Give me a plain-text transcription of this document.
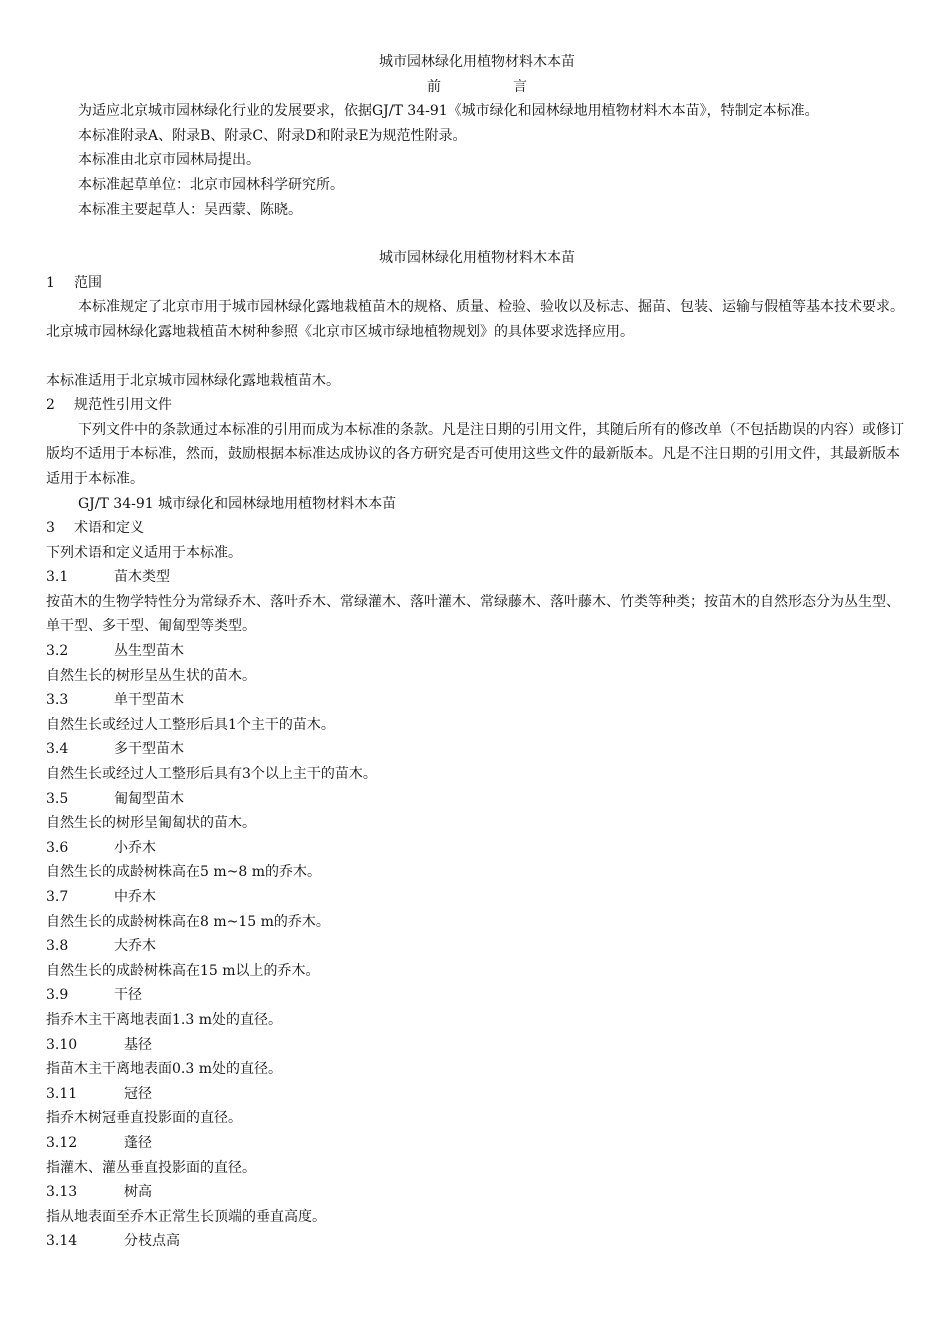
城市园林绿化用植物材料木本苗

前	言

为适应北京城市园林绿化行业的发展要求，依据GJ/T 34-91《城市绿化和园林绿地用植物材料木本苗》，特制定本标准。

本标准附录A、附录B、附录C、附录D和附录E为规范性附录。

本标准由北京市园林局提出。

本标准起草单位：北京市园林科学研究所。

本标准主要起草人：吴西蒙、陈晓。

城市园林绿化用植物材料木本苗

1 范围

本标准规定了北京市用于城市园林绿化露地栽植苗木的规格、质量、检验、验收以及标志、掘苗、包装、运输与假植等基本技术要求。北京城市园林绿化露地栽植苗木树种参照《北京市区城市绿地植物规划》的具体要求选择应用。

本标准适用于北京城市园林绿化露地栽植苗木。

2 规范性引用文件

下列文件中的条款通过本标准的引用而成为本标准的条款。凡是注日期的引用文件，其随后所有的修改单（不包括勘误的内容）或修订版均不适用于本标准，然而，鼓励根据本标准达成协议的各方研究是否可使用这些文件的最新版本。凡是不注日期的引用文件，其最新版本适用于本标准。

GJ/T 34-91 城市绿化和园林绿地用植物材料木本苗

3 术语和定义

下列术语和定义适用于本标准。

3.1	苗木类型

按苗木的生物学特性分为常绿乔木、落叶乔木、常绿灌木、落叶灌木、常绿藤木、落叶藤木、竹类等种类；按苗木的自然形态分为丛生型、单干型、多干型、匍匐型等类型。

3.2	丛生型苗木

自然生长的树形呈丛生状的苗木。

3.3	单干型苗木

自然生长或经过人工整形后具1个主干的苗木。

3.4	多干型苗木

自然生长或经过人工整形后具有3个以上主干的苗木。

3.5	匍匐型苗木

自然生长的树形呈匍匐状的苗木。

3.6	小乔木

自然生长的成龄树株高在5 m~8 m的乔木。

3.7	中乔木

自然生长的成龄树株高在8 m~15 m的乔木。

3.8	大乔木

自然生长的成龄树株高在15 m以上的乔木。

3.9	干径

指乔木主干离地表面1.3 m处的直径。

3.10	基径

指苗木主干离地表面0.3 m处的直径。

3.11	冠径

指乔木树冠垂直投影面的直径。

3.12	蓬径

指灌木、灌丛垂直投影面的直径。

3.13	树高

指从地表面至乔木正常生长顶端的垂直高度。

3.14	分枝点高
